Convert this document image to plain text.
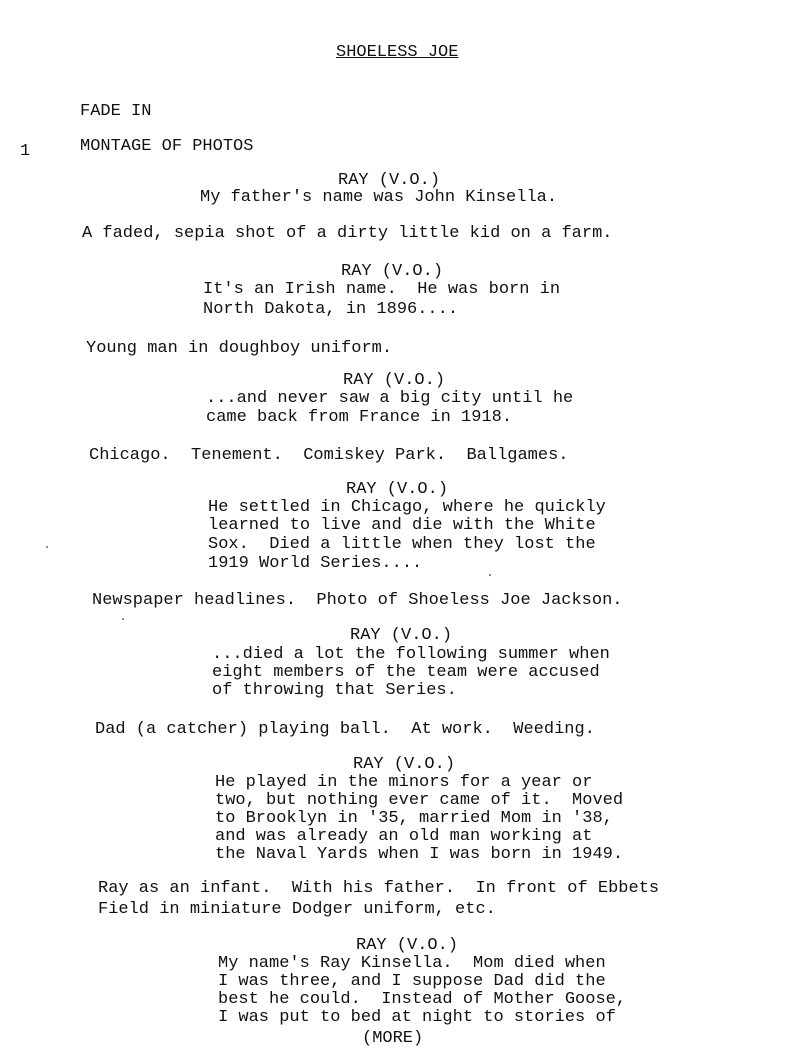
SHOELESS JOE
FADE IN
1	MONTAGE OF PHOTOS
RAY (V.O.)
My father's name was John Kinsella.
A faded, sepia shot of a dirty little kid on a farm.
RAY (V.O.)
It's an Irish name.  He was born in
North Dakota, in 1896....
Young man in doughboy uniform.
RAY (V.O.)
...and never saw a big city until he
came back from France in 1918.
Chicago.  Tenement.  Comiskey Park.  Ballgames.
RAY (V.O.)
He settled in Chicago, where he quickly
learned to live and die with the White
Sox.  Died a little when they lost the
1919 World Series....
Newspaper headlines.  Photo of Shoeless Joe Jackson.
RAY (V.O.)
...died a lot the following summer when
eight members of the team were accused
of throwing that Series.
Dad (a catcher) playing ball.  At work.  Weeding.
RAY (V.O.)
He played in the minors for a year or
two, but nothing ever came of it.  Moved
to Brooklyn in '35, married Mom in '38,
and was already an old man working at
the Naval Yards when I was born in 1949.
Ray as an infant.  With his father.  In front of Ebbets
Field in miniature Dodger uniform, etc.
RAY (V.O.)
My name's Ray Kinsella.  Mom died when
I was three, and I suppose Dad did the
best he could.  Instead of Mother Goose,
I was put to bed at night to stories of
(MORE)
